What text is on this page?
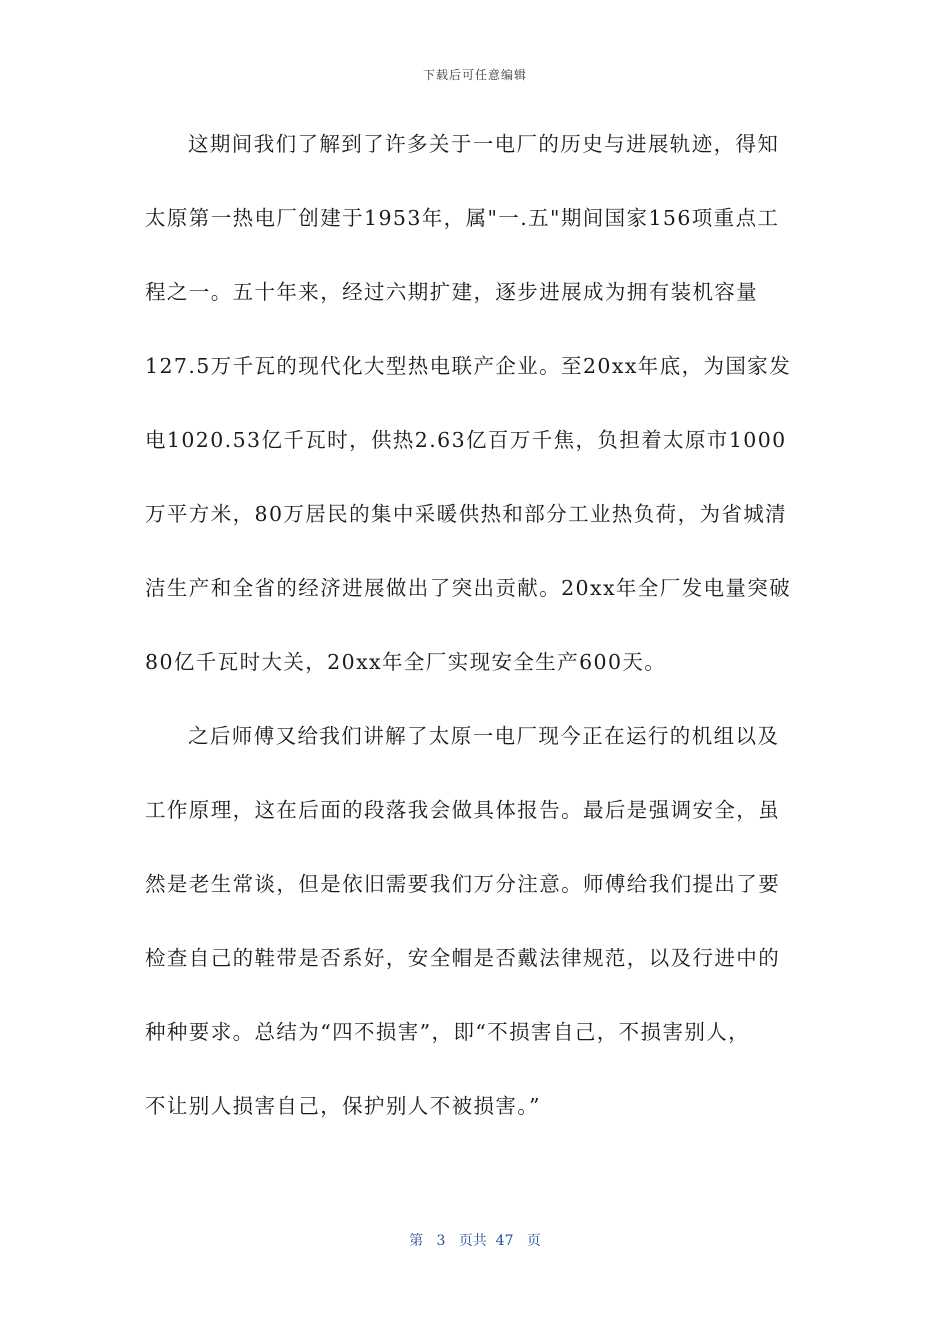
下载后可任意编辑
这期间我们了解到了许多关于一电厂的历史与进展轨迹，得知
太原第一热电厂创建于1953年，属"一.五"期间国家156项重点工
程之一。五十年来，经过六期扩建，逐步进展成为拥有装机容量
127.5万千瓦的现代化大型热电联产企业。至20xx年底，为国家发
电1020.53亿千瓦时，供热2.63亿百万千焦，负担着太原市1000
万平方米，80万居民的集中采暖供热和部分工业热负荷，为省城清
洁生产和全省的经济进展做出了突出贡献。20xx年全厂发电量突破
80亿千瓦时大关，20xx年全厂实现安全生产600天。
之后师傅又给我们讲解了太原一电厂现今正在运行的机组以及
工作原理，这在后面的段落我会做具体报告。最后是强调安全，虽
然是老生常谈，但是依旧需要我们万分注意。师傅给我们提出了要
检查自己的鞋带是否系好，安全帽是否戴法律规范，以及行进中的
种种要求。总结为“四不损害”，即“不损害自己，不损害别人，
不让别人损害自己，保护别人不被损害。”
第 3 页共 47 页
